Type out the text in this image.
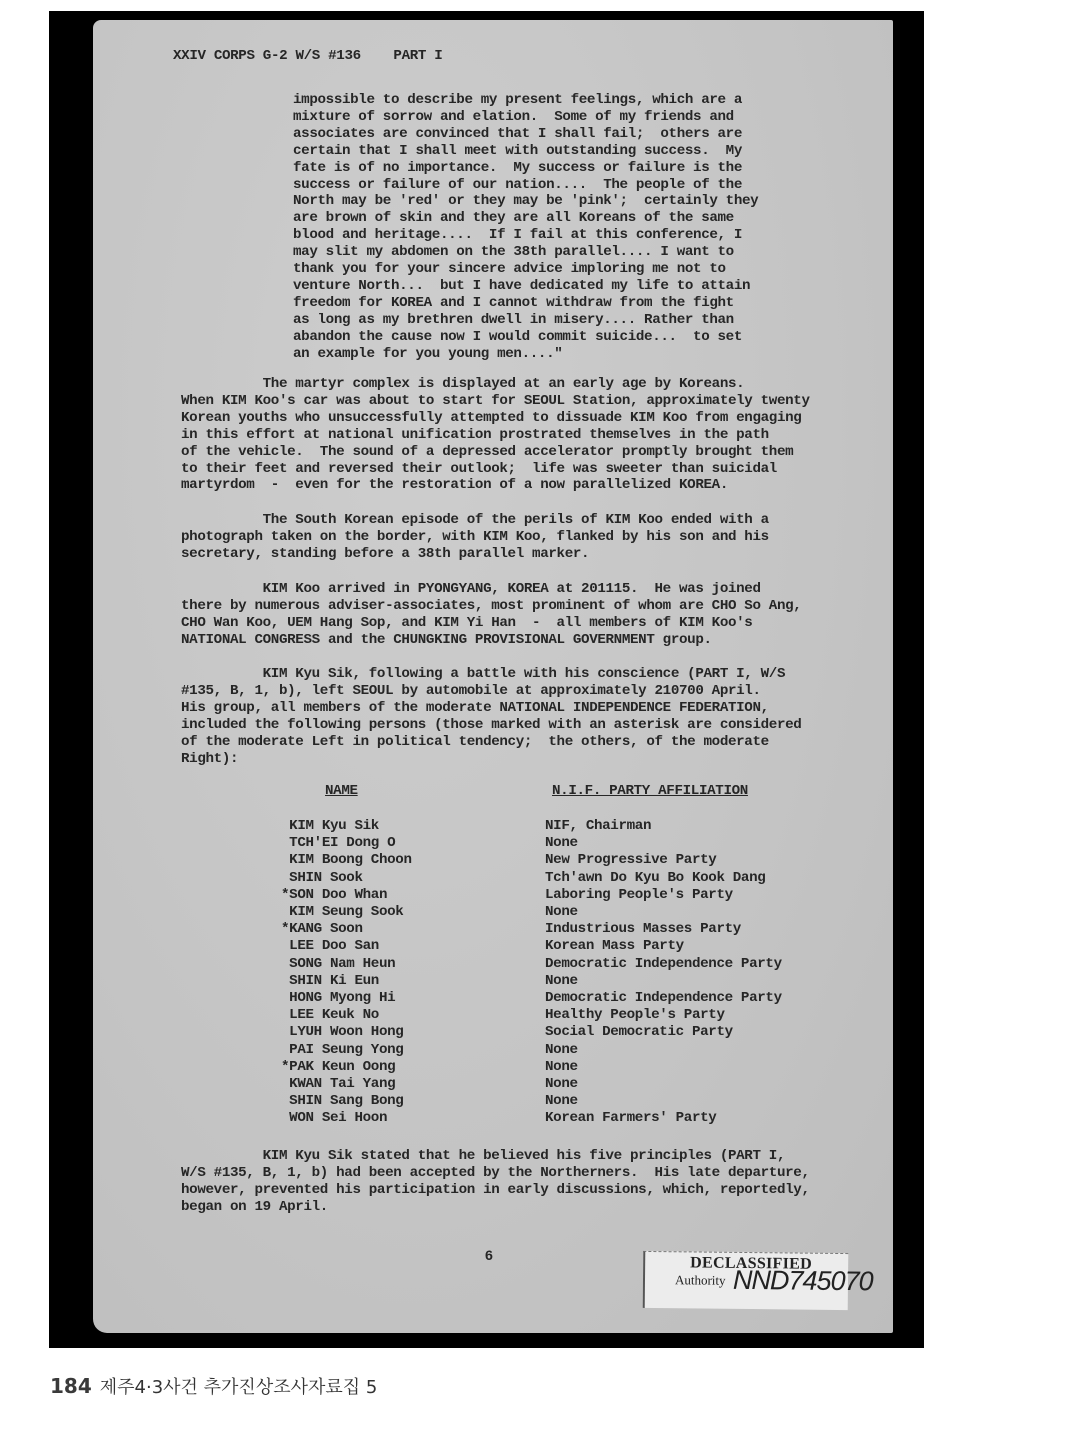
XXIV CORPS G-2 W/S #136    PART I
impossible to describe my present feelings, which are a
mixture of sorrow and elation.  Some of my friends and
associates are convinced that I shall fail;  others are
certain that I shall meet with outstanding success.  My
fate is of no importance.  My success or failure is the
success or failure of our nation....  The people of the
North may be 'red' or they may be 'pink';  certainly they
are brown of skin and they are all Koreans of the same
blood and heritage....  If I fail at this conference, I
may slit my abdomen on the 38th parallel.... I want to
thank you for your sincere advice imploring me not to
venture North...  but I have dedicated my life to attain
freedom for KOREA and I cannot withdraw from the fight
as long as my brethren dwell in misery.... Rather than
abandon the cause now I would commit suicide...  to set
an example for you young men...."
The martyr complex is displayed at an early age by Koreans.
When KIM Koo's car was about to start for SEOUL Station, approximately twenty
Korean youths who unsuccessfully attempted to dissuade KIM Koo from engaging
in this effort at national unification prostrated themselves in the path
of the vehicle.  The sound of a depressed accelerator promptly brought them
to their feet and reversed their outlook;  life was sweeter than suicidal
martyrdom  -  even for the restoration of a now parallelized KOREA.
The South Korean episode of the perils of KIM Koo ended with a
photograph taken on the border, with KIM Koo, flanked by his son and his
secretary, standing before a 38th parallel marker.
KIM Koo arrived in PYONGYANG, KOREA at 201115.  He was joined
there by numerous adviser-associates, most prominent of whom are CHO So Ang,
CHO Wan Koo, UEM Hang Sop, and KIM Yi Han  -  all members of KIM Koo's
NATIONAL CONGRESS and the CHUNGKING PROVISIONAL GOVERNMENT group.
KIM Kyu Sik, following a battle with his conscience (PART I, W/S
#135, B, 1, b), left SEOUL by automobile at approximately 210700 April.
His group, all members of the moderate NATIONAL INDEPENDENCE FEDERATION,
included the following persons (those marked with an asterisk are considered
of the moderate Left in political tendency;  the others, of the moderate
Right):
NAME	N.I.F. PARTY AFFILIATION
KIM Kyu Sik	NIF, Chairman
TCH'EI Dong O	None
KIM Boong Choon	New Progressive Party
SHIN Sook	Tch'awn Do Kyu Bo Kook Dang
*SON Doo Whan	Laboring People's Party
KIM Seung Sook	None
*KANG Soon	Industrious Masses Party
LEE Doo San	Korean Mass Party
SONG Nam Heun	Democratic Independence Party
SHIN Ki Eun	None
HONG Myong Hi	Democratic Independence Party
LEE Keuk No	Healthy People's Party
LYUH Woon Hong	Social Democratic Party
PAI Seung Yong	None
*PAK Keun Oong	None
KWAN Tai Yang	None
SHIN Sang Bong	None
WON Sei Hoon	Korean Farmers' Party
KIM Kyu Sik stated that he believed his five principles (PART I,
W/S #135, B, 1, b) had been accepted by the Northerners.  His late departure,
however, prevented his participation in early discussions, which, reportedly,
began on 19 April.
6	DECLASSIFIED
Authority NND745070
184 제주4·3사건 추가진상조사자료집 5
